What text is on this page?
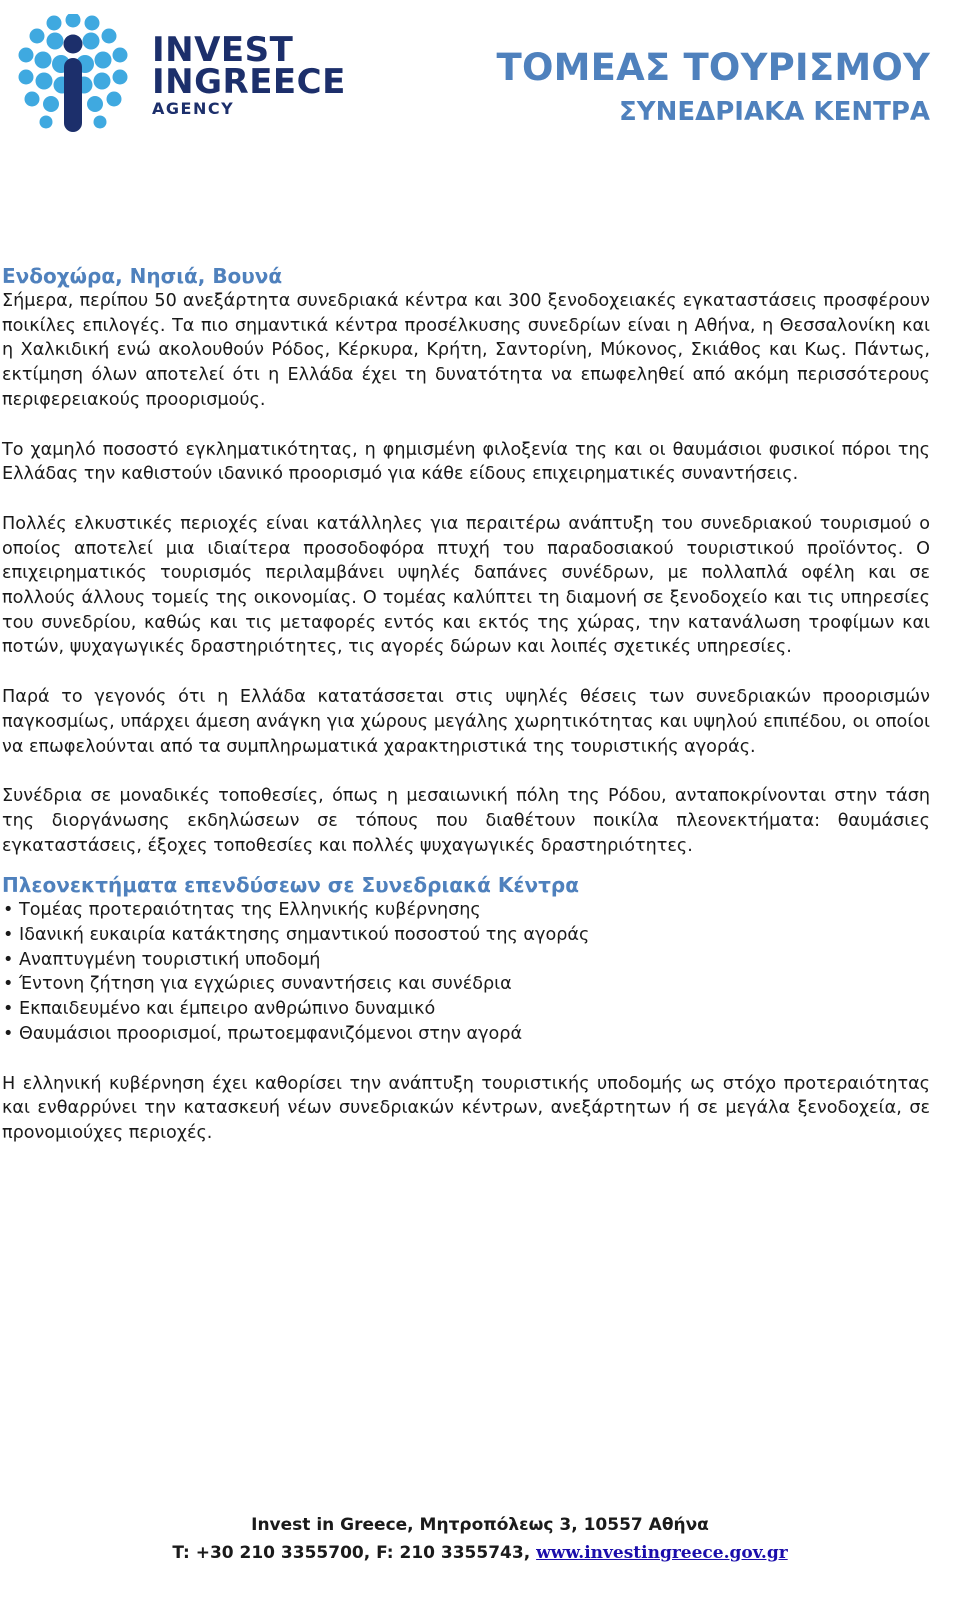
INVEST
INGREECE
AGENCY
ΤΟΜΕΑΣ ΤΟΥΡΙΣΜΟΥ
ΣΥΝΕΔΡΙΑΚΑ ΚΕΝΤΡΑ
Ενδοχώρα, Νησιά, Βουνά

Σήμερα, περίπου 50 ανεξάρτητα συνεδριακά κέντρα και 300 ξενοδοχειακές εγκαταστάσεις προσφέρουν ποικίλες επιλογές. Τα πιο σημαντικά κέντρα προσέλκυσης συνεδρίων είναι η Αθήνα, η Θεσσαλονίκη και η Χαλκιδική ενώ ακολουθούν Ρόδος, Κέρκυρα, Κρήτη, Σαντορίνη, Μύκονος, Σκιάθος και Κως. Πάντως, εκτίμηση όλων αποτελεί ότι η Ελλάδα έχει τη δυνατότητα να επωφεληθεί από ακόμη περισσότερους περιφερειακούς προορισμούς.

Το χαμηλό ποσοστό εγκληματικότητας, η φημισμένη φιλοξενία της και οι θαυμάσιοι φυσικοί πόροι της Ελλάδας την καθιστούν ιδανικό προορισμό για κάθε είδους επιχειρηματικές συναντήσεις.

Πολλές ελκυστικές περιοχές είναι κατάλληλες για περαιτέρω ανάπτυξη του συνεδριακού τουρισμού ο οποίος αποτελεί μια ιδιαίτερα προσοδοφόρα πτυχή του παραδοσιακού τουριστικού προϊόντος. Ο επιχειρηματικός τουρισμός περιλαμβάνει υψηλές δαπάνες συνέδρων, με πολλαπλά οφέλη και σε πολλούς άλλους τομείς της οικονομίας. Ο τομέας καλύπτει τη διαμονή σε ξενοδοχείο και τις υπηρεσίες του συνεδρίου, καθώς και τις μεταφορές εντός και εκτός της χώρας, την κατανάλωση τροφίμων και ποτών, ψυχαγωγικές δραστηριότητες, τις αγορές δώρων και λοιπές σχετικές υπηρεσίες.

Παρά το γεγονός ότι η Ελλάδα κατατάσσεται στις υψηλές θέσεις των συνεδριακών προορισμών παγκοσμίως, υπάρχει άμεση ανάγκη για χώρους μεγάλης χωρητικότητας και υψηλού επιπέδου, οι οποίοι να επωφελούνται από τα συμπληρωματικά χαρακτηριστικά της τουριστικής αγοράς.

Συνέδρια σε μοναδικές τοποθεσίες, όπως η μεσαιωνική πόλη της Ρόδου, ανταποκρίνονται στην τάση της διοργάνωσης εκδηλώσεων σε τόπους που διαθέτουν ποικίλα πλεονεκτήματα: θαυμάσιες εγκαταστάσεις, έξοχες τοποθεσίες και πολλές ψυχαγωγικές δραστηριότητες.

Πλεονεκτήματα επενδύσεων σε Συνεδριακά Κέντρα
• Τομέας προτεραιότητας της Ελληνικής κυβέρνησης
• Ιδανική ευκαιρία κατάκτησης σημαντικού ποσοστού της αγοράς
• Αναπτυγμένη τουριστική υποδομή
• Έντονη ζήτηση για εγχώριες συναντήσεις και συνέδρια
• Εκπαιδευμένο και έμπειρο ανθρώπινο δυναμικό
• Θαυμάσιοι προορισμοί, πρωτοεμφανιζόμενοι στην αγορά

Η ελληνική κυβέρνηση έχει καθορίσει την ανάπτυξη τουριστικής υποδομής ως στόχο προτεραιότητας και ενθαρρύνει την κατασκευή νέων συνεδριακών κέντρων, ανεξάρτητων ή σε μεγάλα ξενοδοχεία, σε προνομιούχες περιοχές.

Invest in Greece, Μητροπόλεως 3, 10557 Αθήνα
T: +30 210 3355700, F: 210 3355743, www.investingreece.gov.gr
